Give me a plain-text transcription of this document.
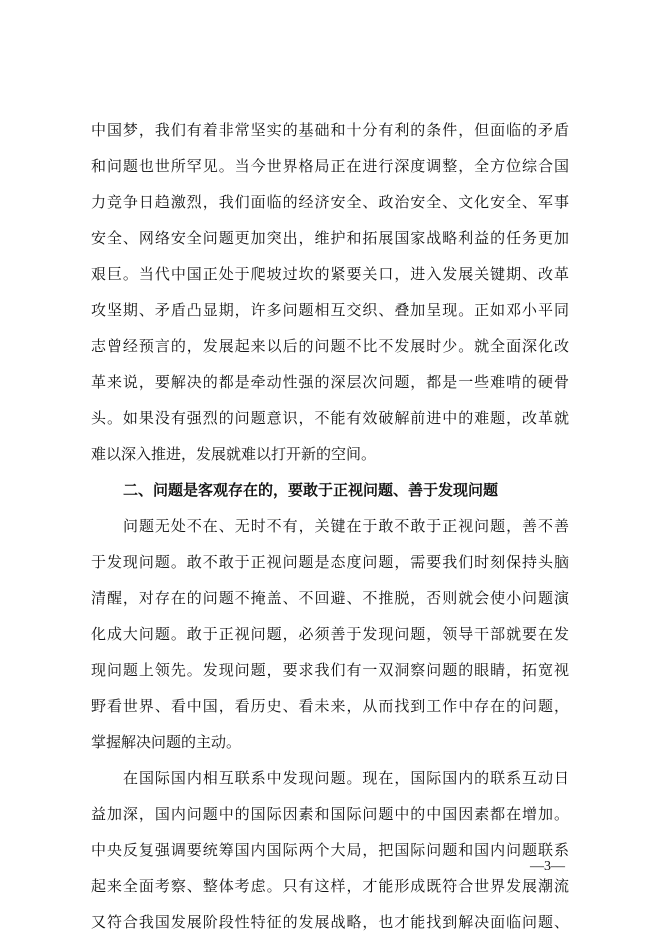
中国梦，我们有着非常坚实的基础和十分有利的条件，但面临的矛盾
和问题也世所罕见。当今世界格局正在进行深度调整，全方位综合国
力竞争日趋激烈，我们面临的经济安全、政治安全、文化安全、军事
安全、网络安全问题更加突出，维护和拓展国家战略利益的任务更加
艰巨。当代中国正处于爬坡过坎的紧要关口，进入发展关键期、改革
攻坚期、矛盾凸显期，许多问题相互交织、叠加呈现。正如邓小平同
志曾经预言的，发展起来以后的问题不比不发展时少。就全面深化改
革来说，要解决的都是牵动性强的深层次问题，都是一些难啃的硬骨
头。如果没有强烈的问题意识，不能有效破解前进中的难题，改革就
难以深入推进，发展就难以打开新的空间。
二、问题是客观存在的，要敢于正视问题、善于发现问题
问题无处不在、无时不有，关键在于敢不敢于正视问题，善不善
于发现问题。敢不敢于正视问题是态度问题，需要我们时刻保持头脑
清醒，对存在的问题不掩盖、不回避、不推脱，否则就会使小问题演
化成大问题。敢于正视问题，必须善于发现问题，领导干部就要在发
现问题上领先。发现问题，要求我们有一双洞察问题的眼睛，拓宽视
野看世界、看中国，看历史、看未来，从而找到工作中存在的问题，
掌握解决问题的主动。
在国际国内相互联系中发现问题。现在，国际国内的联系互动日
益加深，国内问题中的国际因素和国际问题中的中国因素都在增加。
中央反复强调要统筹国内国际两个大局，把国际问题和国内问题联系
起来全面考察、整体考虑。只有这样，才能形成既符合世界发展潮流
又符合我国发展阶段性特征的发展战略，也才能找到解决面临问题、
—3—
